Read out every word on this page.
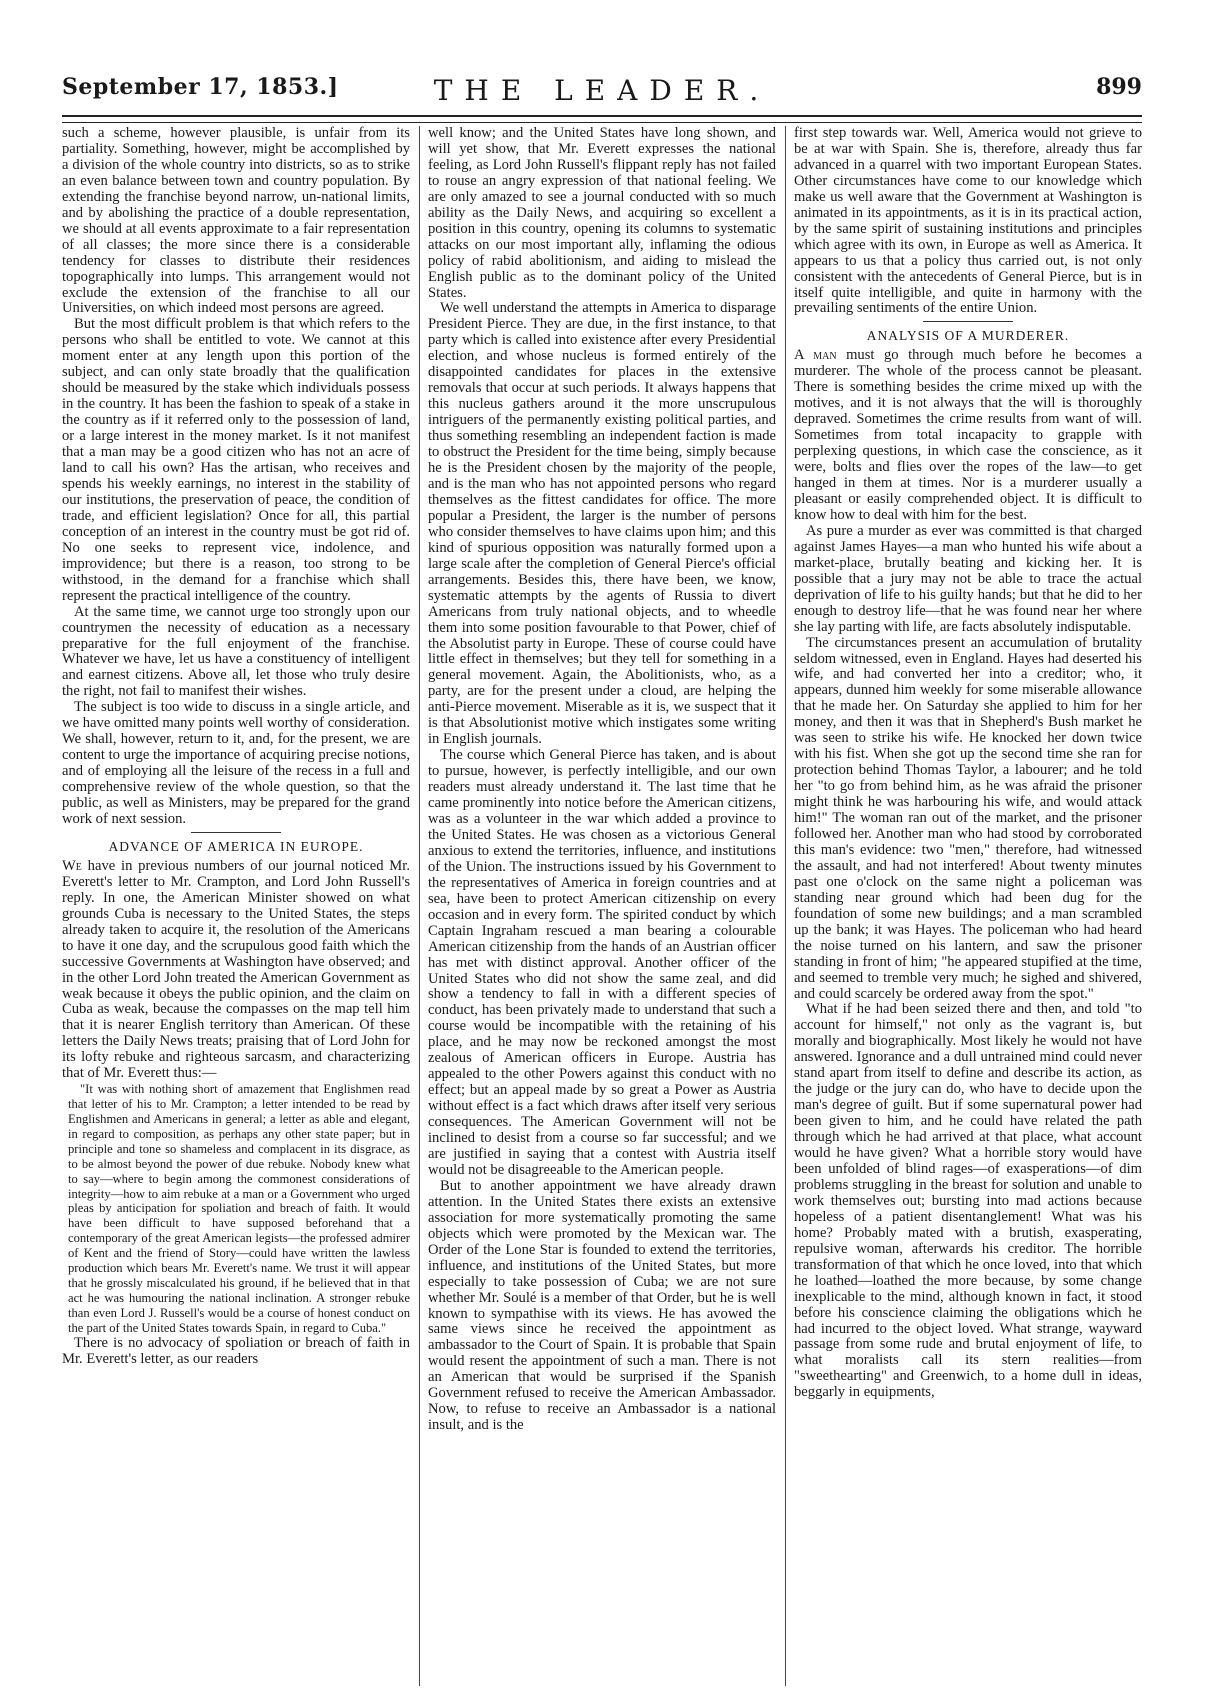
September 17, 1853.]	THE LEADER.	899

such a scheme, however plausible, is unfair from its partiality. Something, however, might be accomplished by a division of the whole country into districts, so as to strike an even balance between town and country population. By extending the franchise beyond narrow, un-national limits, and by abolishing the practice of a double representation, we should at all events approximate to a fair representation of all classes; the more since there is a considerable tendency for classes to distribute their residences topographically into lumps. This arrangement would not exclude the extension of the franchise to all our Universities, on which indeed most persons are agreed.

But the most difficult problem is that which refers to the persons who shall be entitled to vote. We cannot at this moment enter at any length upon this portion of the subject, and can only state broadly that the qualification should be measured by the stake which individuals possess in the country. It has been the fashion to speak of a stake in the country as if it referred only to the possession of land, or a large interest in the money market. Is it not manifest that a man may be a good citizen who has not an acre of land to call his own? Has the artisan, who receives and spends his weekly earnings, no interest in the stability of our institutions, the preservation of peace, the condition of trade, and efficient legislation? Once for all, this partial conception of an interest in the country must be got rid of. No one seeks to represent vice, indolence, and improvidence; but there is a reason, too strong to be withstood, in the demand for a franchise which shall represent the practical intelligence of the country.

At the same time, we cannot urge too strongly upon our countrymen the necessity of education as a necessary preparative for the full enjoyment of the franchise. Whatever we have, let us have a constituency of intelligent and earnest citizens. Above all, let those who truly desire the right, not fail to manifest their wishes.

The subject is too wide to discuss in a single article, and we have omitted many points well worthy of consideration. We shall, however, return to it, and, for the present, we are content to urge the importance of acquiring precise notions, and of employing all the leisure of the recess in a full and comprehensive review of the whole question, so that the public, as well as Ministers, may be prepared for the grand work of next session.

ADVANCE OF AMERICA IN EUROPE.

We have in previous numbers of our journal noticed Mr. Everett's letter to Mr. Crampton, and Lord John Russell's reply. In one, the American Minister showed on what grounds Cuba is necessary to the United States, the steps already taken to acquire it, the resolution of the Americans to have it one day, and the scrupulous good faith which the successive Governments at Washington have observed; and in the other Lord John treated the American Government as weak because it obeys the public opinion, and the claim on Cuba as weak, because the compasses on the map tell him that it is nearer English territory than American. Of these letters the Daily News treats; praising that of Lord John for its lofty rebuke and righteous sarcasm, and characterizing that of Mr. Everett thus:—

"It was with nothing short of amazement that Englishmen read that letter of his to Mr. Crampton; a letter intended to be read by Englishmen and Americans in general; a letter as able and elegant, in regard to composition, as perhaps any other state paper; but in principle and tone so shameless and complacent in its disgrace, as to be almost beyond the power of due rebuke. Nobody knew what to say—where to begin among the commonest considerations of integrity—how to aim rebuke at a man or a Government who urged pleas by anticipation for spoliation and breach of faith. It would have been difficult to have supposed beforehand that a contemporary of the great American legists—the professed admirer of Kent and the friend of Story—could have written the lawless production which bears Mr. Everett's name. We trust it will appear that he grossly miscalculated his ground, if he believed that in that act he was humouring the national inclination. A stronger rebuke than even Lord J. Russell's would be a course of honest conduct on the part of the United States towards Spain, in regard to Cuba."

There is no advocacy of spoliation or breach of faith in Mr. Everett's letter, as our readers

well know; and the United States have long shown, and will yet show, that Mr. Everett expresses the national feeling, as Lord John Russell's flippant reply has not failed to rouse an angry expression of that national feeling. We are only amazed to see a journal conducted with so much ability as the Daily News, and acquiring so excellent a position in this country, opening its columns to systematic attacks on our most important ally, inflaming the odious policy of rabid abolitionism, and aiding to mislead the English public as to the dominant policy of the United States.

We well understand the attempts in America to disparage President Pierce. They are due, in the first instance, to that party which is called into existence after every Presidential election, and whose nucleus is formed entirely of the disappointed candidates for places in the extensive removals that occur at such periods. It always happens that this nucleus gathers around it the more unscrupulous intriguers of the permanently existing political parties, and thus something resembling an independent faction is made to obstruct the President for the time being, simply because he is the President chosen by the majority of the people, and is the man who has not appointed persons who regard themselves as the fittest candidates for office. The more popular a President, the larger is the number of persons who consider themselves to have claims upon him; and this kind of spurious opposition was naturally formed upon a large scale after the completion of General Pierce's official arrangements. Besides this, there have been, we know, systematic attempts by the agents of Russia to divert Americans from truly national objects, and to wheedle them into some position favourable to that Power, chief of the Absolutist party in Europe. These of course could have little effect in themselves; but they tell for something in a general movement. Again, the Abolitionists, who, as a party, are for the present under a cloud, are helping the anti-Pierce movement. Miserable as it is, we suspect that it is that Absolutionist motive which instigates some writing in English journals.

The course which General Pierce has taken, and is about to pursue, however, is perfectly intelligible, and our own readers must already understand it. The last time that he came prominently into notice before the American citizens, was as a volunteer in the war which added a province to the United States. He was chosen as a victorious General anxious to extend the territories, influence, and institutions of the Union. The instructions issued by his Government to the representatives of America in foreign countries and at sea, have been to protect American citizenship on every occasion and in every form. The spirited conduct by which Captain Ingraham rescued a man bearing a colourable American citizenship from the hands of an Austrian officer has met with distinct approval. Another officer of the United States who did not show the same zeal, and did show a tendency to fall in with a different species of conduct, has been privately made to understand that such a course would be incompatible with the retaining of his place, and he may now be reckoned amongst the most zealous of American officers in Europe. Austria has appealed to the other Powers against this conduct with no effect; but an appeal made by so great a Power as Austria without effect is a fact which draws after itself very serious consequences. The American Government will not be inclined to desist from a course so far successful; and we are justified in saying that a contest with Austria itself would not be disagreeable to the American people.

But to another appointment we have already drawn attention. In the United States there exists an extensive association for more systematically promoting the same objects which were promoted by the Mexican war. The Order of the Lone Star is founded to extend the territories, influence, and institutions of the United States, but more especially to take possession of Cuba; we are not sure whether Mr. Soulé is a member of that Order, but he is well known to sympathise with its views. He has avowed the same views since he received the appointment as ambassador to the Court of Spain. It is probable that Spain would resent the appointment of such a man. There is not an American that would be surprised if the Spanish Government refused to receive the American Ambassador. Now, to refuse to receive an Ambassador is a national insult, and is the

first step towards war. Well, America would not grieve to be at war with Spain. She is, therefore, already thus far advanced in a quarrel with two important European States. Other circumstances have come to our knowledge which make us well aware that the Government at Washington is animated in its appointments, as it is in its practical action, by the same spirit of sustaining institutions and principles which agree with its own, in Europe as well as America. It appears to us that a policy thus carried out, is not only consistent with the antecedents of General Pierce, but is in itself quite intelligible, and quite in harmony with the prevailing sentiments of the entire Union.

ANALYSIS OF A MURDERER.

A man must go through much before he becomes a murderer. The whole of the process cannot be pleasant. There is something besides the crime mixed up with the motives, and it is not always that the will is thoroughly depraved. Sometimes the crime results from want of will. Sometimes from total incapacity to grapple with perplexing questions, in which case the conscience, as it were, bolts and flies over the ropes of the law—to get hanged in them at times. Nor is a murderer usually a pleasant or easily comprehended object. It is difficult to know how to deal with him for the best.

As pure a murder as ever was committed is that charged against James Hayes—a man who hunted his wife about a market-place, brutally beating and kicking her. It is possible that a jury may not be able to trace the actual deprivation of life to his guilty hands; but that he did to her enough to destroy life—that he was found near her where she lay parting with life, are facts absolutely indisputable.

The circumstances present an accumulation of brutality seldom witnessed, even in England. Hayes had deserted his wife, and had converted her into a creditor; who, it appears, dunned him weekly for some miserable allowance that he made her. On Saturday she applied to him for her money, and then it was that in Shepherd's Bush market he was seen to strike his wife. He knocked her down twice with his fist. When she got up the second time she ran for protection behind Thomas Taylor, a labourer; and he told her "to go from behind him, as he was afraid the prisoner might think he was harbouring his wife, and would attack him!" The woman ran out of the market, and the prisoner followed her. Another man who had stood by corroborated this man's evidence: two "men," therefore, had witnessed the assault, and had not interfered! About twenty minutes past one o'clock on the same night a policeman was standing near ground which had been dug for the foundation of some new buildings; and a man scrambled up the bank; it was Hayes. The policeman who had heard the noise turned on his lantern, and saw the prisoner standing in front of him; "he appeared stupified at the time, and seemed to tremble very much; he sighed and shivered, and could scarcely be ordered away from the spot."

What if he had been seized there and then, and told "to account for himself," not only as the vagrant is, but morally and biographically. Most likely he would not have answered. Ignorance and a dull untrained mind could never stand apart from itself to define and describe its action, as the judge or the jury can do, who have to decide upon the man's degree of guilt. But if some supernatural power had been given to him, and he could have related the path through which he had arrived at that place, what account would he have given? What a horrible story would have been unfolded of blind rages—of exasperations—of dim problems struggling in the breast for solution and unable to work themselves out; bursting into mad actions because hopeless of a patient disentanglement! What was his home? Probably mated with a brutish, exasperating, repulsive woman, afterwards his creditor. The horrible transformation of that which he once loved, into that which he loathed—loathed the more because, by some change inexplicable to the mind, although known in fact, it stood before his conscience claiming the obligations which he had incurred to the object loved. What strange, wayward passage from some rude and brutal enjoyment of life, to what moralists call its stern realities—from "sweethearting" and Greenwich, to a home dull in ideas, beggarly in equipments,
